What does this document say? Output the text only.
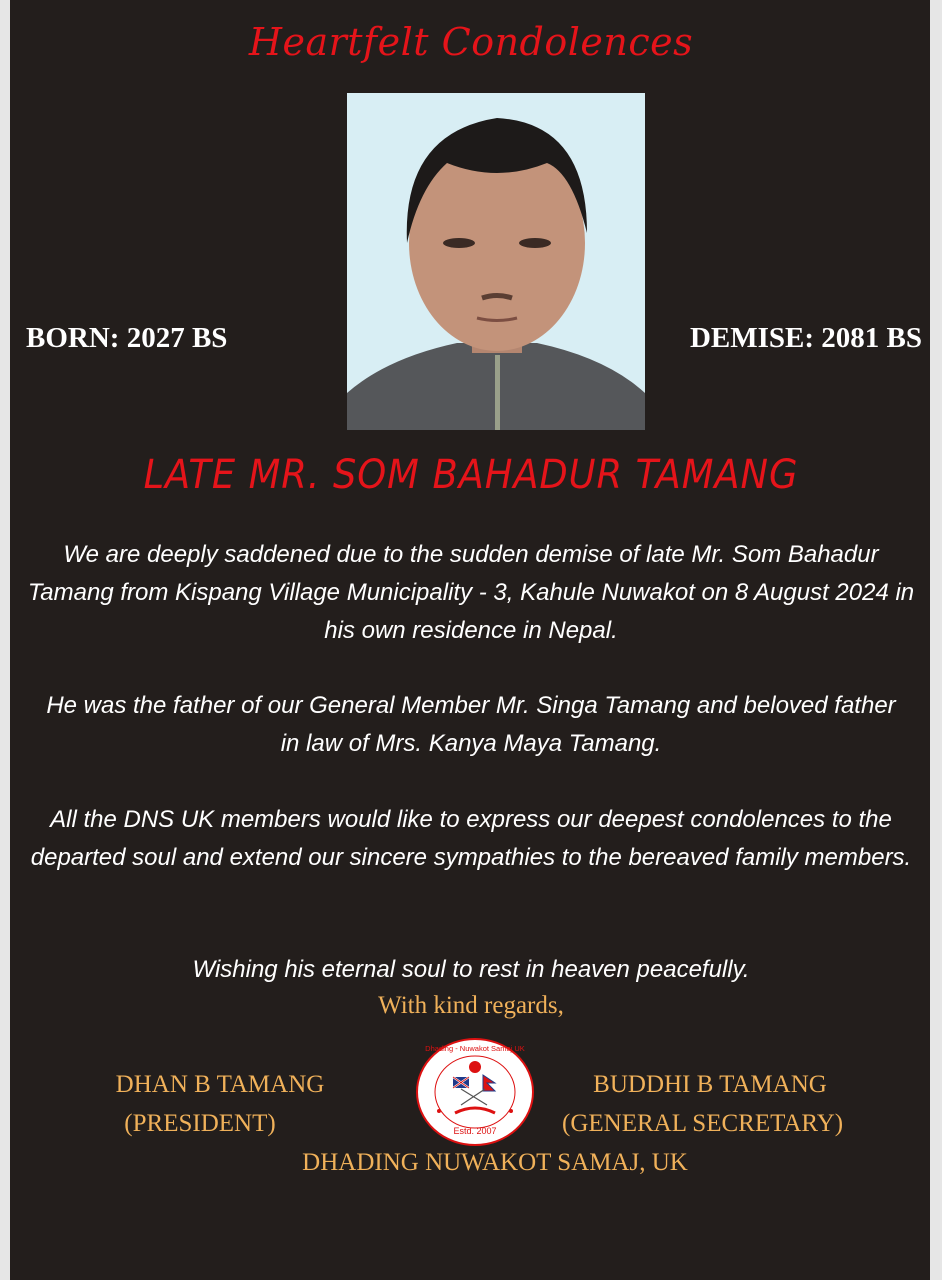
Heartfelt Condolences
BORN: 2027 BS	DEMISE: 2081 BS
LATE MR. SOM BAHADUR TAMANG
We are deeply saddened due to the sudden demise of late Mr. Som Bahadur Tamang from Kispang Village Municipality - 3, Kahule Nuwakot on 8 August 2024 in his own residence in Nepal.
He was the father of our General Member Mr. Singa Tamang and beloved father in law of Mrs. Kanya Maya Tamang.
All the DNS UK members would like to express our deepest condolences to the departed soul and extend our sincere sympathies to the bereaved family members.
Wishing his eternal soul to rest in heaven peacefully.
With kind regards,
DHAN B TAMANG
(PRESIDENT)
BUDDHI B TAMANG
(GENERAL SECRETARY)
DHADING NUWAKOT SAMAJ, UK
Estd. 2007
Dhading - Nuwakot Samaj UK
